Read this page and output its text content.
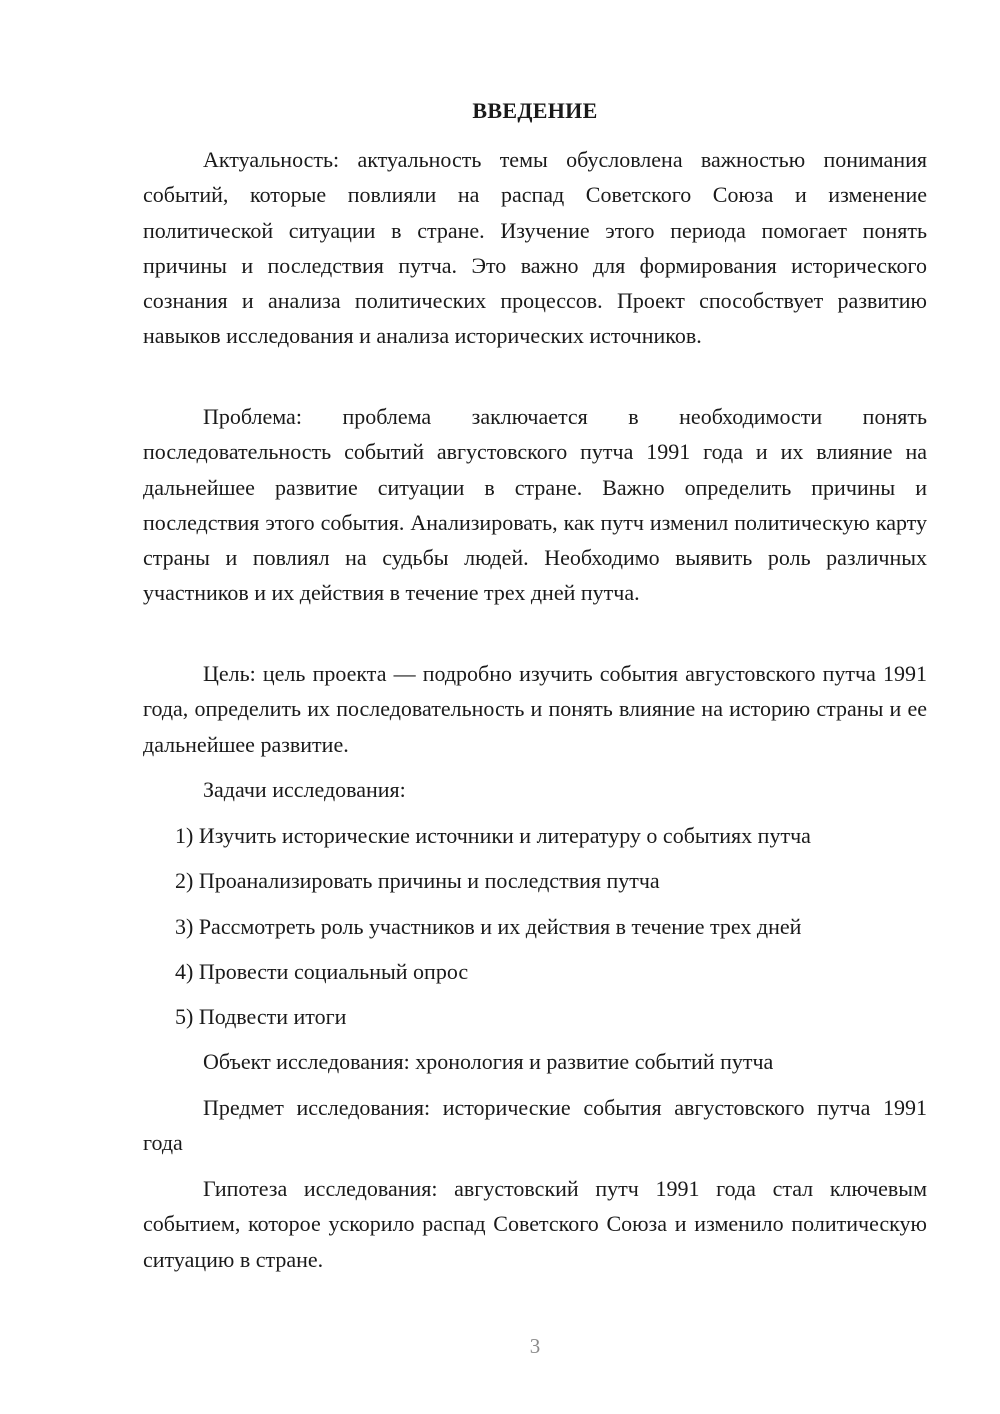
ВВЕДЕНИЕ

Актуальность: актуальность темы обусловлена важностью понимания событий, которые повлияли на распад Советского Союза и изменение политической ситуации в стране. Изучение этого периода помогает понять причины и последствия путча. Это важно для формирования исторического сознания и анализа политических процессов. Проект способствует развитию навыков исследования и анализа исторических источников.

Проблема: проблема заключается в необходимости понять последовательность событий августовского путча 1991 года и их влияние на дальнейшее развитие ситуации в стране. Важно определить причины и последствия этого события. Анализировать, как путч изменил политическую карту страны и повлиял на судьбы людей. Необходимо выявить роль различных участников и их действия в течение трех дней путча.

Цель: цель проекта — подробно изучить события августовского путча 1991 года, определить их последовательность и понять влияние на историю страны и ее дальнейшее развитие.

Задачи исследования:

1) Изучить исторические источники и литературу о событиях путча

2) Проанализировать причины и последствия путча

3) Рассмотреть роль участников и их действия в течение трех дней

4) Провести социальный опрос

5) Подвести итоги

Объект исследования: хронология и развитие событий путча

Предмет исследования: исторические события августовского путча 1991 года

Гипотеза исследования: августовский путч 1991 года стал ключевым событием, которое ускорило распад Советского Союза и изменило политическую ситуацию в стране.

3
